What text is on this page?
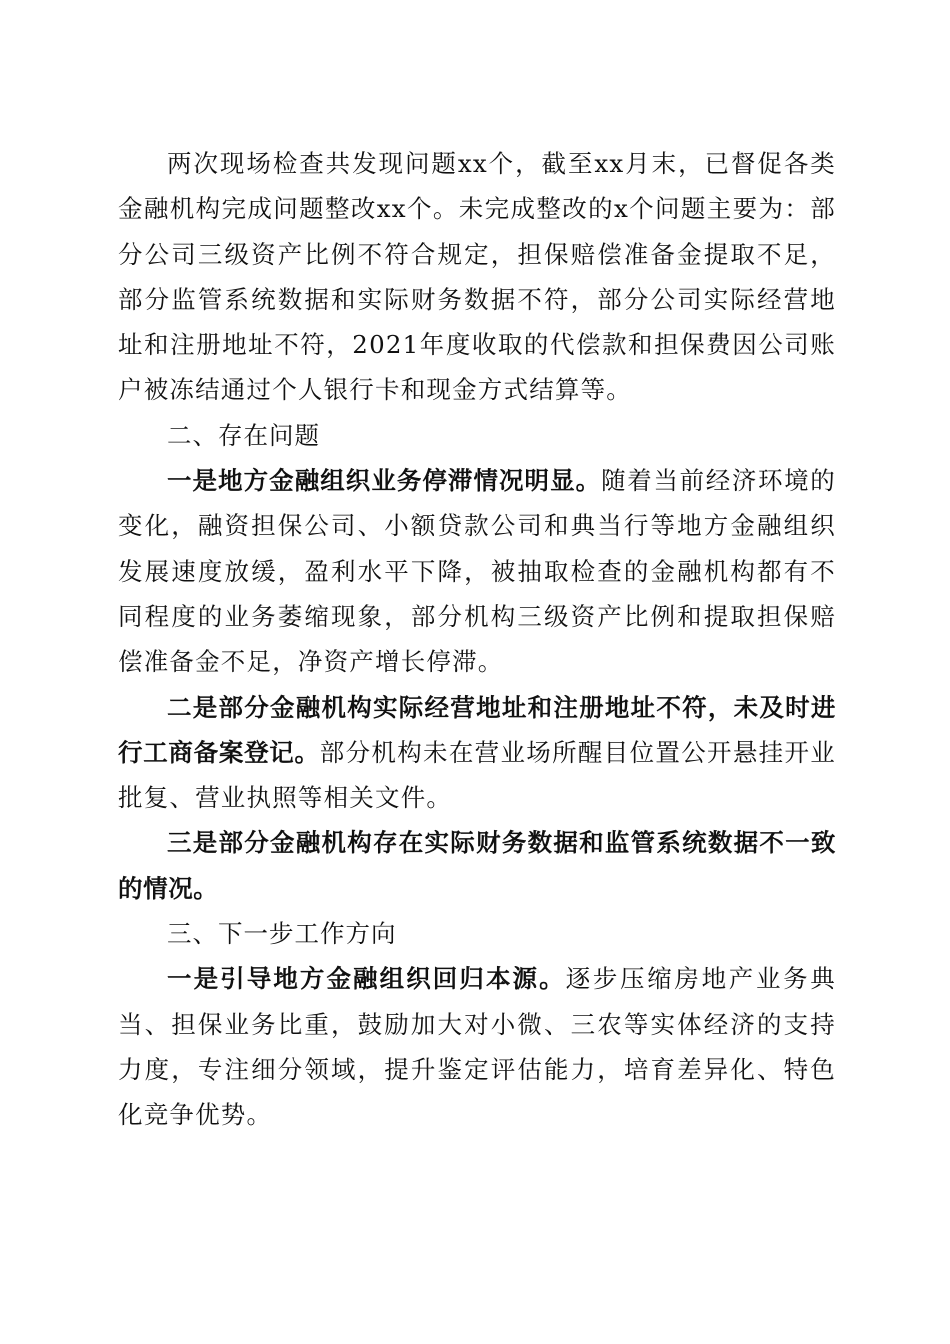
两次现场检查共发现问题xx个，截至xx月末，已督促各类金融机构完成问题整改xx个。未完成整改的x个问题主要为：部分公司三级资产比例不符合规定，担保赔偿准备金提取不足，部分监管系统数据和实际财务数据不符，部分公司实际经营地址和注册地址不符，2021年度收取的代偿款和担保费因公司账户被冻结通过个人银行卡和现金方式结算等。

二、存在问题

一是地方金融组织业务停滞情况明显。随着当前经济环境的变化，融资担保公司、小额贷款公司和典当行等地方金融组织发展速度放缓，盈利水平下降，被抽取检查的金融机构都有不同程度的业务萎缩现象，部分机构三级资产比例和提取担保赔偿准备金不足，净资产增长停滞。

二是部分金融机构实际经营地址和注册地址不符，未及时进行工商备案登记。部分机构未在营业场所醒目位置公开悬挂开业批复、营业执照等相关文件。

三是部分金融机构存在实际财务数据和监管系统数据不一致的情况。

三、下一步工作方向

一是引导地方金融组织回归本源。逐步压缩房地产业务典当、担保业务比重，鼓励加大对小微、三农等实体经济的支持力度，专注细分领域，提升鉴定评估能力，培育差异化、特色化竞争优势。
